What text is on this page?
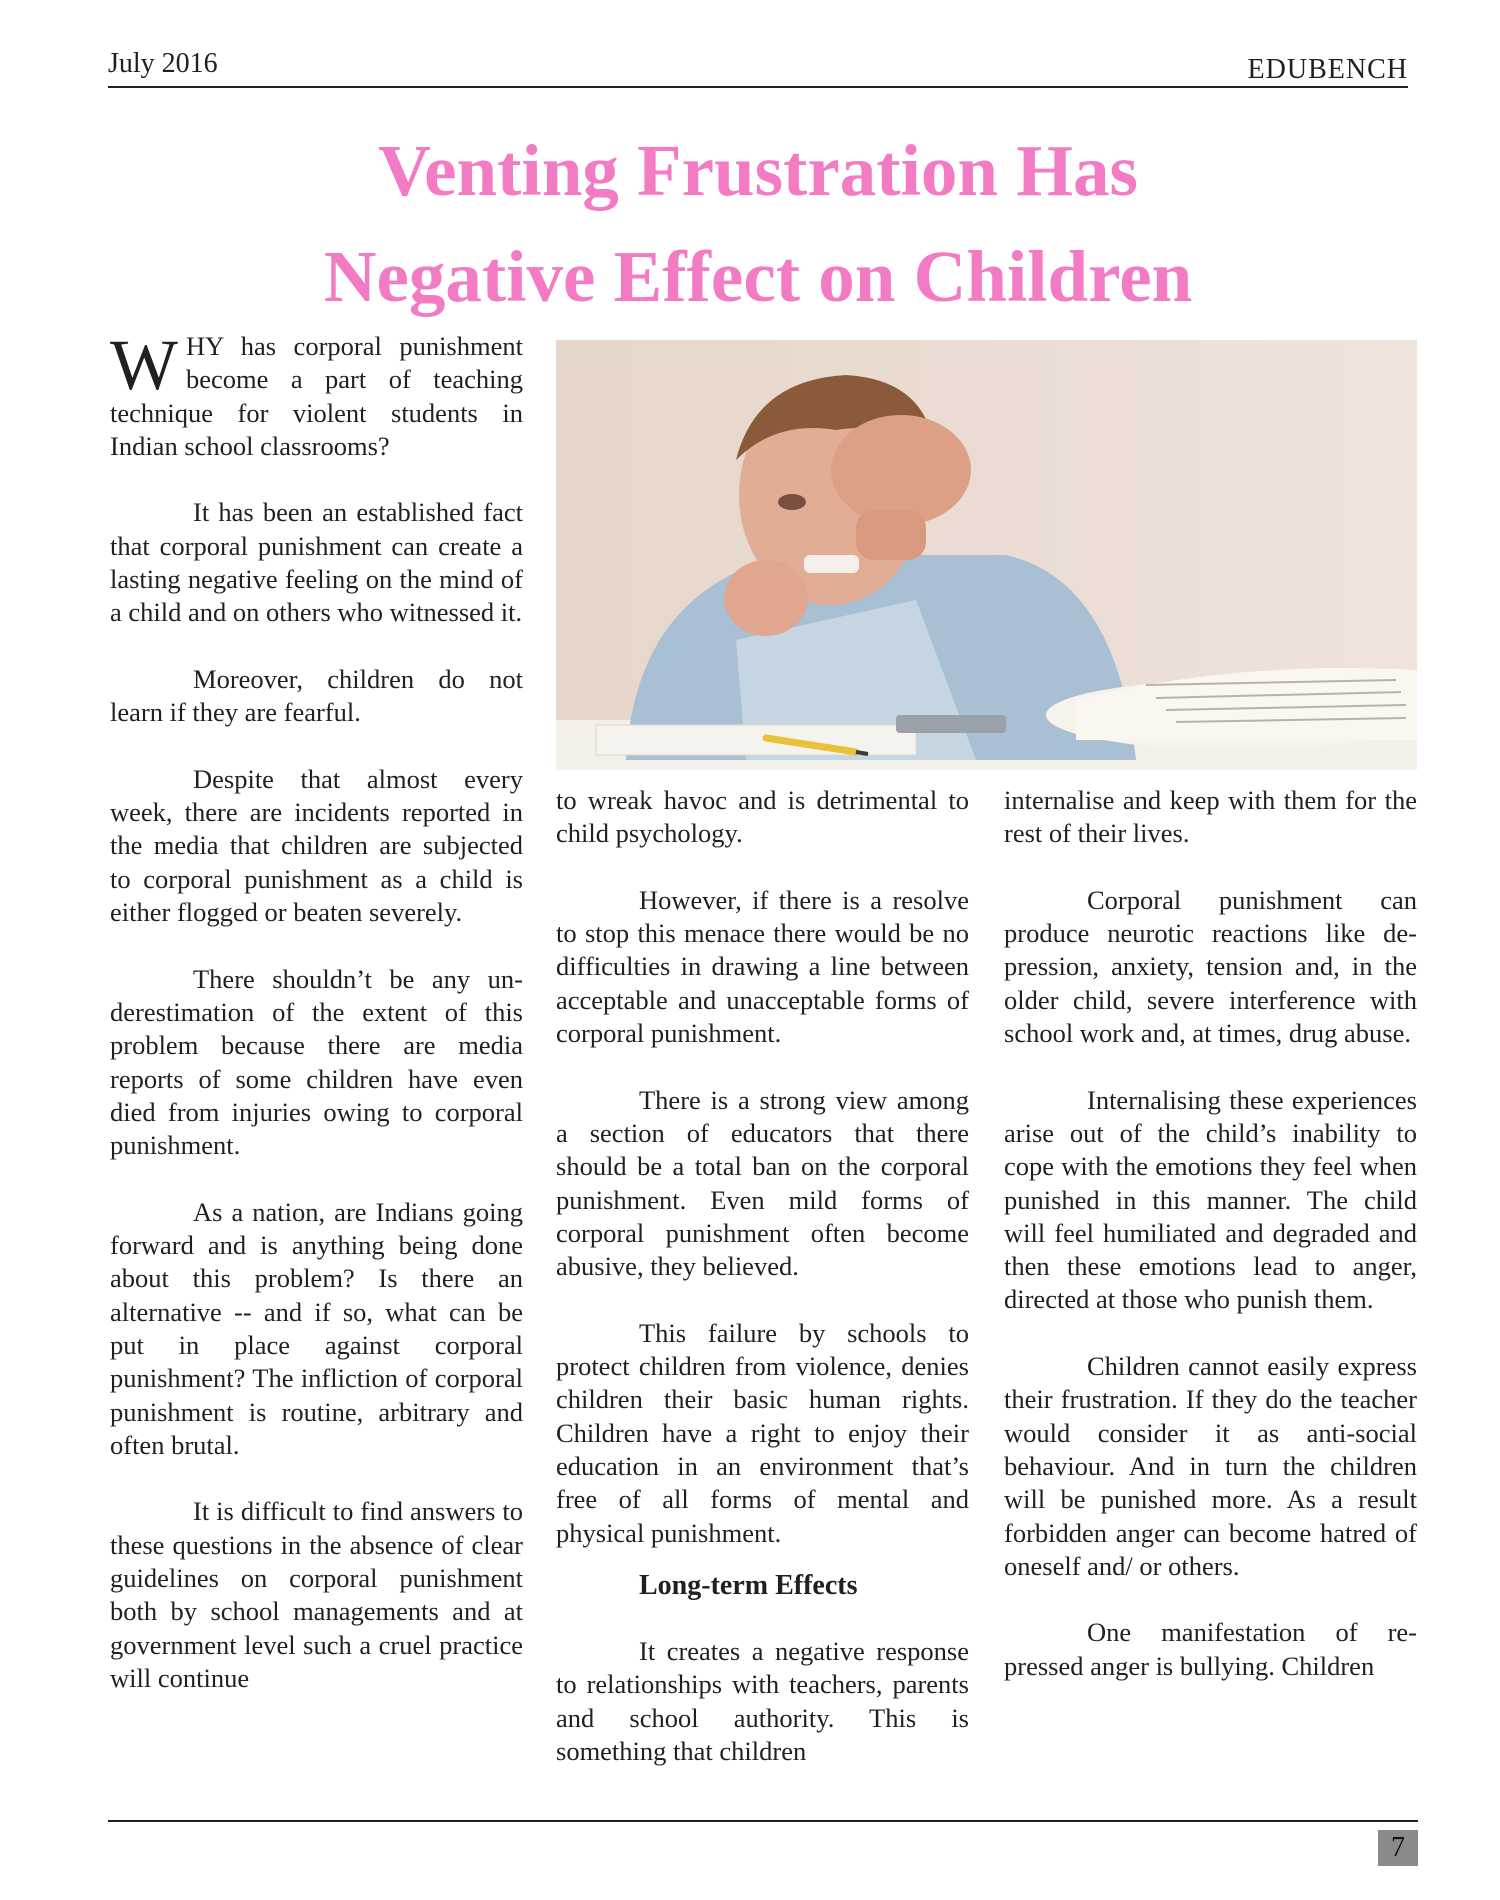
July 2016	EDUBENCH
Venting Frustration Has
Negative Effect on Children

WHY has corporal punishment become a part of teaching technique for violent students in Indian school classrooms?

It has been an established fact that corporal punishment can create a lasting negative feeling on the mind of a child and on others who witnessed it.

Moreover, children do not learn if they are fearful.

Despite that almost every week, there are incidents reported in the media that children are subjected to corporal punishment as a child is either flogged or beaten severely.

There shouldn’t be any underestimation of the extent of this problem because there are media reports of some children have even died from injuries owing to corporal punishment.

As a nation, are Indians going forward and is anything being done about this problem? Is there an alternative -- and if so, what can be put in place against corporal punishment? The infliction of corporal punishment is routine, arbitrary and often brutal.

It is difficult to find answers to these questions in the absence of clear guidelines on corporal punishment both by school managements and at government level such a cruel practice will continue

to wreak havoc and is detrimental to child psychology.

However, if there is a resolve to stop this menace there would be no difficulties in drawing a line between acceptable and unacceptable forms of corporal punishment.

There is a strong view among a section of educators that there should be a total ban on the corporal punishment. Even mild forms of corporal punishment often become abusive, they believed.

This failure by schools to protect children from violence, denies children their basic human rights. Children have a right to enjoy their education in an environment that’s free of all forms of mental and physical punishment.

Long-term Effects

It creates a negative response to relationships with teachers, parents and school authority. This is something that children

internalise and keep with them for the rest of their lives.

Corporal punishment can produce neurotic reactions like depression, anxiety, tension and, in the older child, severe interference with school work and, at times, drug abuse.

Internalising these experiences arise out of the child’s inability to cope with the emotions they feel when punished in this manner. The child will feel humiliated and degraded and then these emotions lead to anger, directed at those who punish them.

Children cannot easily express their frustration. If they do the teacher would consider it as anti-social behaviour. And in turn the children will be punished more. As a result forbidden anger can become hatred of oneself and/ or others.

One manifestation of repressed anger is bullying. Children

7
